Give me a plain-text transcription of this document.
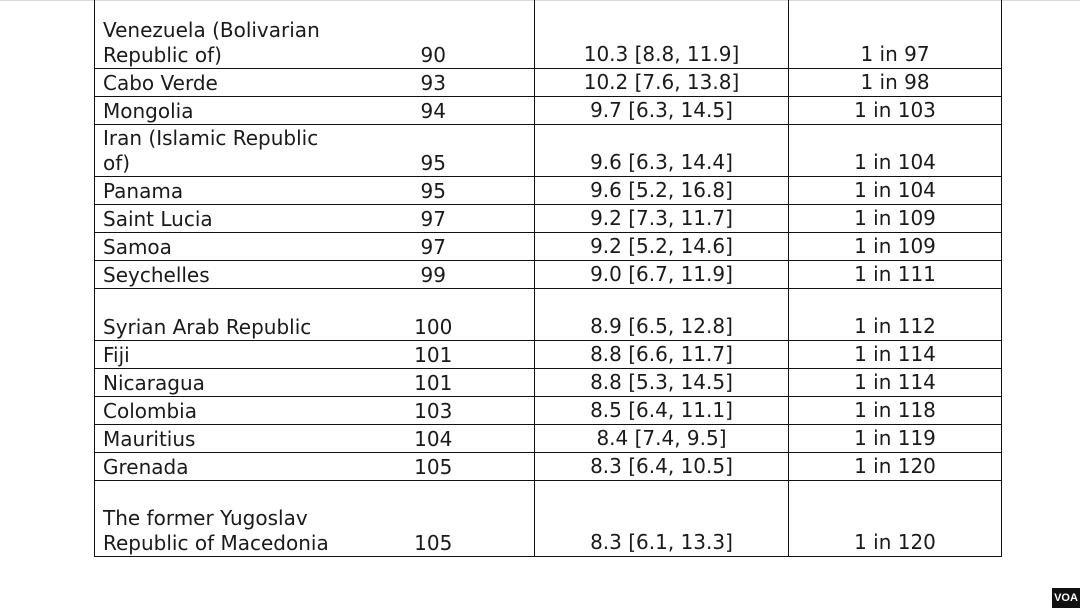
Venezuela (Bolivarian Republic of) 90	10.3 [8.8, 11.9]	1 in 97

Cabo Verde 93	10.2 [7.6, 13.8]	1 in 98

Mongolia 94	9.7 [6.3, 14.5]	1 in 103

Iran (Islamic Republic of) 95	9.6 [6.3, 14.4]	1 in 104

Panama 95	9.6 [5.2, 16.8]	1 in 104

Saint Lucia 97	9.2 [7.3, 11.7]	1 in 109

Samoa 97	9.2 [5.2, 14.6]	1 in 109

Seychelles 99	9.0 [6.7, 11.9]	1 in 111

Syrian Arab Republic 100	8.9 [6.5, 12.8]	1 in 112

Fiji 101	8.8 [6.6, 11.7]	1 in 114

Nicaragua 101	8.8 [5.3, 14.5]	1 in 114

Colombia 103	8.5 [6.4, 11.1]	1 in 118

Mauritius 104	8.4 [7.4, 9.5]	1 in 119

Grenada 105	8.3 [6.4, 10.5]	1 in 120

The former Yugoslav Republic of Macedonia 105	8.3 [6.1, 13.3]	1 in 120
VOA
